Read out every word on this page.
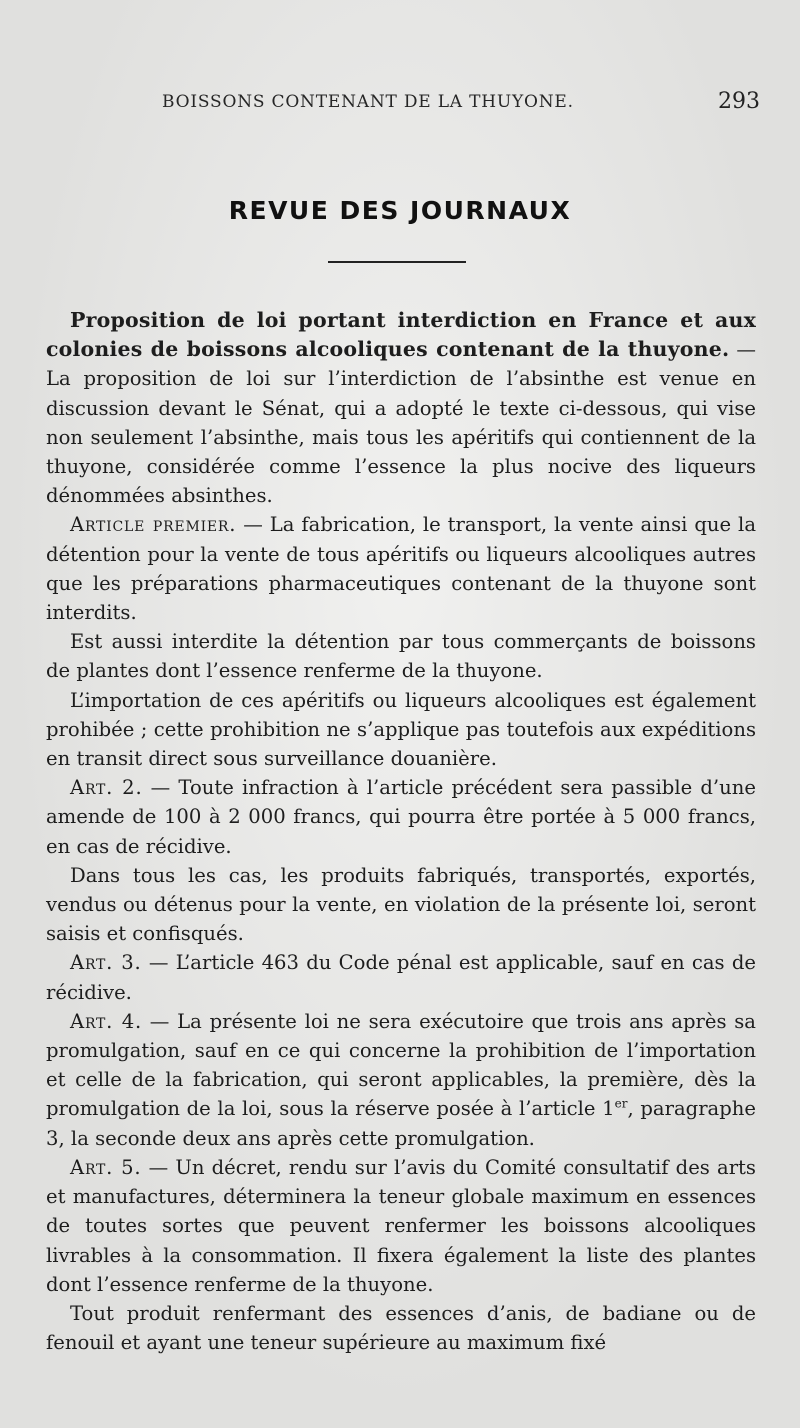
BOISSONS CONTENANT DE LA THUYONE.	293
REVUE DES JOURNAUX

Proposition de loi portant interdiction en France et aux colonies de boissons alcooliques contenant de la thuyone. — La proposition de loi sur l’interdiction de l’absinthe est venue en discussion devant le Sénat, qui a adopté le texte ci-dessous, qui vise non seulement l’absinthe, mais tous les apéritifs qui contiennent de la thuyone, considérée comme l’essence la plus nocive des liqueurs dénommées absinthes.

Article premier. — La fabrication, le transport, la vente ainsi que la détention pour la vente de tous apéritifs ou liqueurs alcooliques autres que les préparations pharmaceutiques contenant de la thuyone sont interdits.

Est aussi interdite la détention par tous commerçants de boissons de plantes dont l’essence renferme de la thuyone.

L’importation de ces apéritifs ou liqueurs alcooliques est également prohibée ; cette prohibition ne s’applique pas toutefois aux expéditions en transit direct sous surveillance douanière.

Art. 2. — Toute infraction à l’article précédent sera passible d’une amende de 100 à 2 000 francs, qui pourra être portée à 5 000 francs, en cas de récidive.

Dans tous les cas, les produits fabriqués, transportés, exportés, vendus ou détenus pour la vente, en violation de la présente loi, seront saisis et confisqués.

Art. 3. — L’article 463 du Code pénal est applicable, sauf en cas de récidive.

Art. 4. — La présente loi ne sera exécutoire que trois ans après sa promulgation, sauf en ce qui concerne la prohibition de l’importation et celle de la fabrication, qui seront applicables, la première, dès la promulgation de la loi, sous la réserve posée à l’article 1er, paragraphe 3, la seconde deux ans après cette promulgation.

Art. 5. — Un décret, rendu sur l’avis du Comité consultatif des arts et manufactures, déterminera la teneur globale maximum en essences de toutes sortes que peuvent renfermer les boissons alcooliques livrables à la consommation. Il fixera également la liste des plantes dont l’essence renferme de la thuyone.

Tout produit renfermant des essences d’anis, de badiane ou de fenouil et ayant une teneur supérieure au maximum fixé
